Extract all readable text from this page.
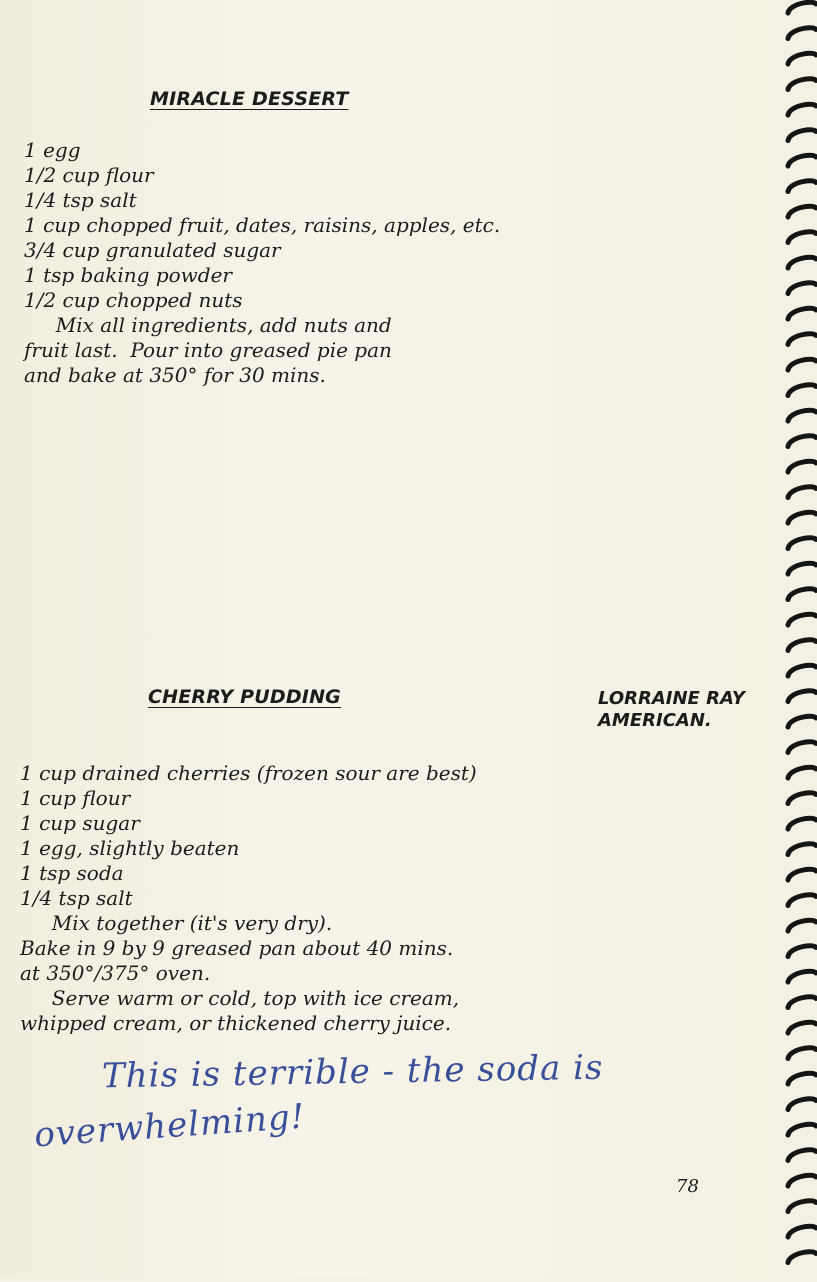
MIRACLE DESSERT
1 egg
1/2 cup flour
1/4 tsp salt
1 cup chopped fruit, dates, raisins, apples, etc.
3/4 cup granulated sugar
1 tsp baking powder
1/2 cup chopped nuts
Mix all ingredients, add nuts and
fruit last.  Pour into greased pie pan
and bake at 350° for 30 mins.
CHERRY PUDDING	LORRAINE RAY
AMERICAN.
1 cup drained cherries (frozen sour are best)
1 cup flour
1 cup sugar
1 egg, slightly beaten
1 tsp soda
1/4 tsp salt
Mix together (it's very dry).
Bake in 9 by 9 greased pan about 40 mins.
at 350°/375° oven.
Serve warm or cold, top with ice cream,
whipped cream, or thickened cherry juice.
This is terrible - the soda is
overwhelming!
78
